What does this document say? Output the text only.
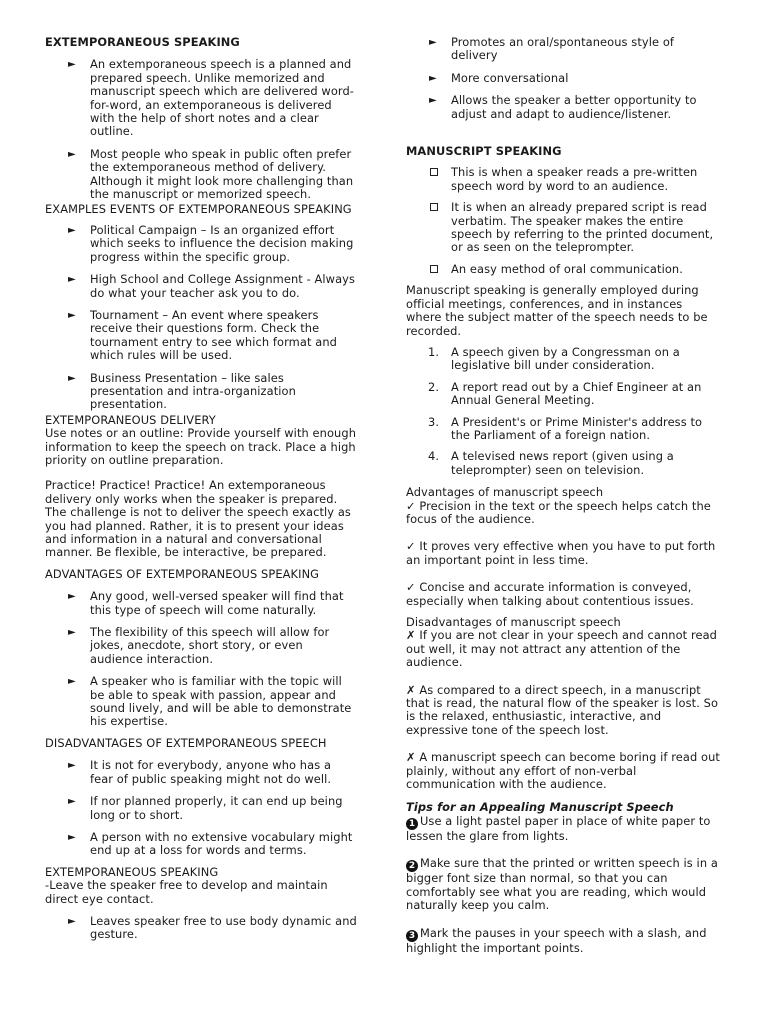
EXTEMPORANEOUS SPEAKING
► An extemporaneous speech is a planned and prepared speech. Unlike memorized and manuscript speech which are delivered word-for-word, an extemporaneous is delivered with the help of short notes and a clear outline.
► Most people who speak in public often prefer the extemporaneous method of delivery. Although it might look more challenging than the manuscript or memorized speech.

EXAMPLES EVENTS OF EXTEMPORANEOUS SPEAKING

► Political Campaign – Is an organized effort which seeks to influence the decision making progress within the specific group.
► High School and College Assignment - Always do what your teacher ask you to do.
► Tournament – An event where speakers receive their questions form. Check the tournament entry to see which format and which rules will be used.
► Business Presentation – like sales presentation and intra-organization presentation.

EXTEMPORANEOUS DELIVERY

Use notes or an outline: Provide yourself with enough information to keep the speech on track. Place a high priority on outline preparation.

Practice! Practice! Practice! An extemporaneous delivery only works when the speaker is prepared. The challenge is not to deliver the speech exactly as you had planned. Rather, it is to present your ideas and information in a natural and conversational manner. Be flexible, be interactive, be prepared.

ADVANTAGES OF EXTEMPORANEOUS SPEAKING

► Any good, well-versed speaker will find that this type of speech will come naturally.
► The flexibility of this speech will allow for jokes, anecdote, short story, or even audience interaction.
► A speaker who is familiar with the topic will be able to speak with passion, appear and sound lively, and will be able to demonstrate his expertise.

DISADVANTAGES OF EXTEMPORANEOUS SPEECH

► It is not for everybody, anyone who has a fear of public speaking might not do well.
► If nor planned properly, it can end up being long or to short.
► A person with no extensive vocabulary might end up at a loss for words and terms.

EXTEMPORANEOUS SPEAKING

-Leave the speaker free to develop and maintain direct eye contact.

► Leaves speaker free to use body dynamic and gesture.
► Promotes an oral/spontaneous style of delivery
► More conversational
► Allows the speaker a better opportunity to adjust and adapt to audience/listener.
MANUSCRIPT SPEAKING
This is when a speaker reads a pre-written speech word by word to an audience.
It is when an already prepared script is read verbatim. The speaker makes the entire speech by referring to the printed document, or as seen on the teleprompter.
An easy method of oral communication.

Manuscript speaking is generally employed during official meetings, conferences, and in instances where the subject matter of the speech needs to be recorded.

1. A speech given by a Congressman on a legislative bill under consideration.
2. A report read out by a Chief Engineer at an Annual General Meeting.
3. A President's or Prime Minister's address to the Parliament of a foreign nation.
4. A televised news report (given using a teleprompter) seen on television.

Advantages of manuscript speech

✓ Precision in the text or the speech helps catch the focus of the audience.

✓ It proves very effective when you have to put forth an important point in less time.

✓ Concise and accurate information is conveyed, especially when talking about contentious issues.

Disadvantages of manuscript speech

✗ If you are not clear in your speech and cannot read out well, it may not attract any attention of the audience.

✗ As compared to a direct speech, in a manuscript that is read, the natural flow of the speaker is lost. So is the relaxed, enthusiastic, interactive, and expressive tone of the speech lost.

✗ A manuscript speech can become boring if read out plainly, without any effort of non-verbal communication with the audience.

Tips for an Appealing Manuscript Speech

1 Use a light pastel paper in place of white paper to lessen the glare from lights.

2 Make sure that the printed or written speech is in a bigger font size than normal, so that you can comfortably see what you are reading, which would naturally keep you calm.

3 Mark the pauses in your speech with a slash, and highlight the important points.
